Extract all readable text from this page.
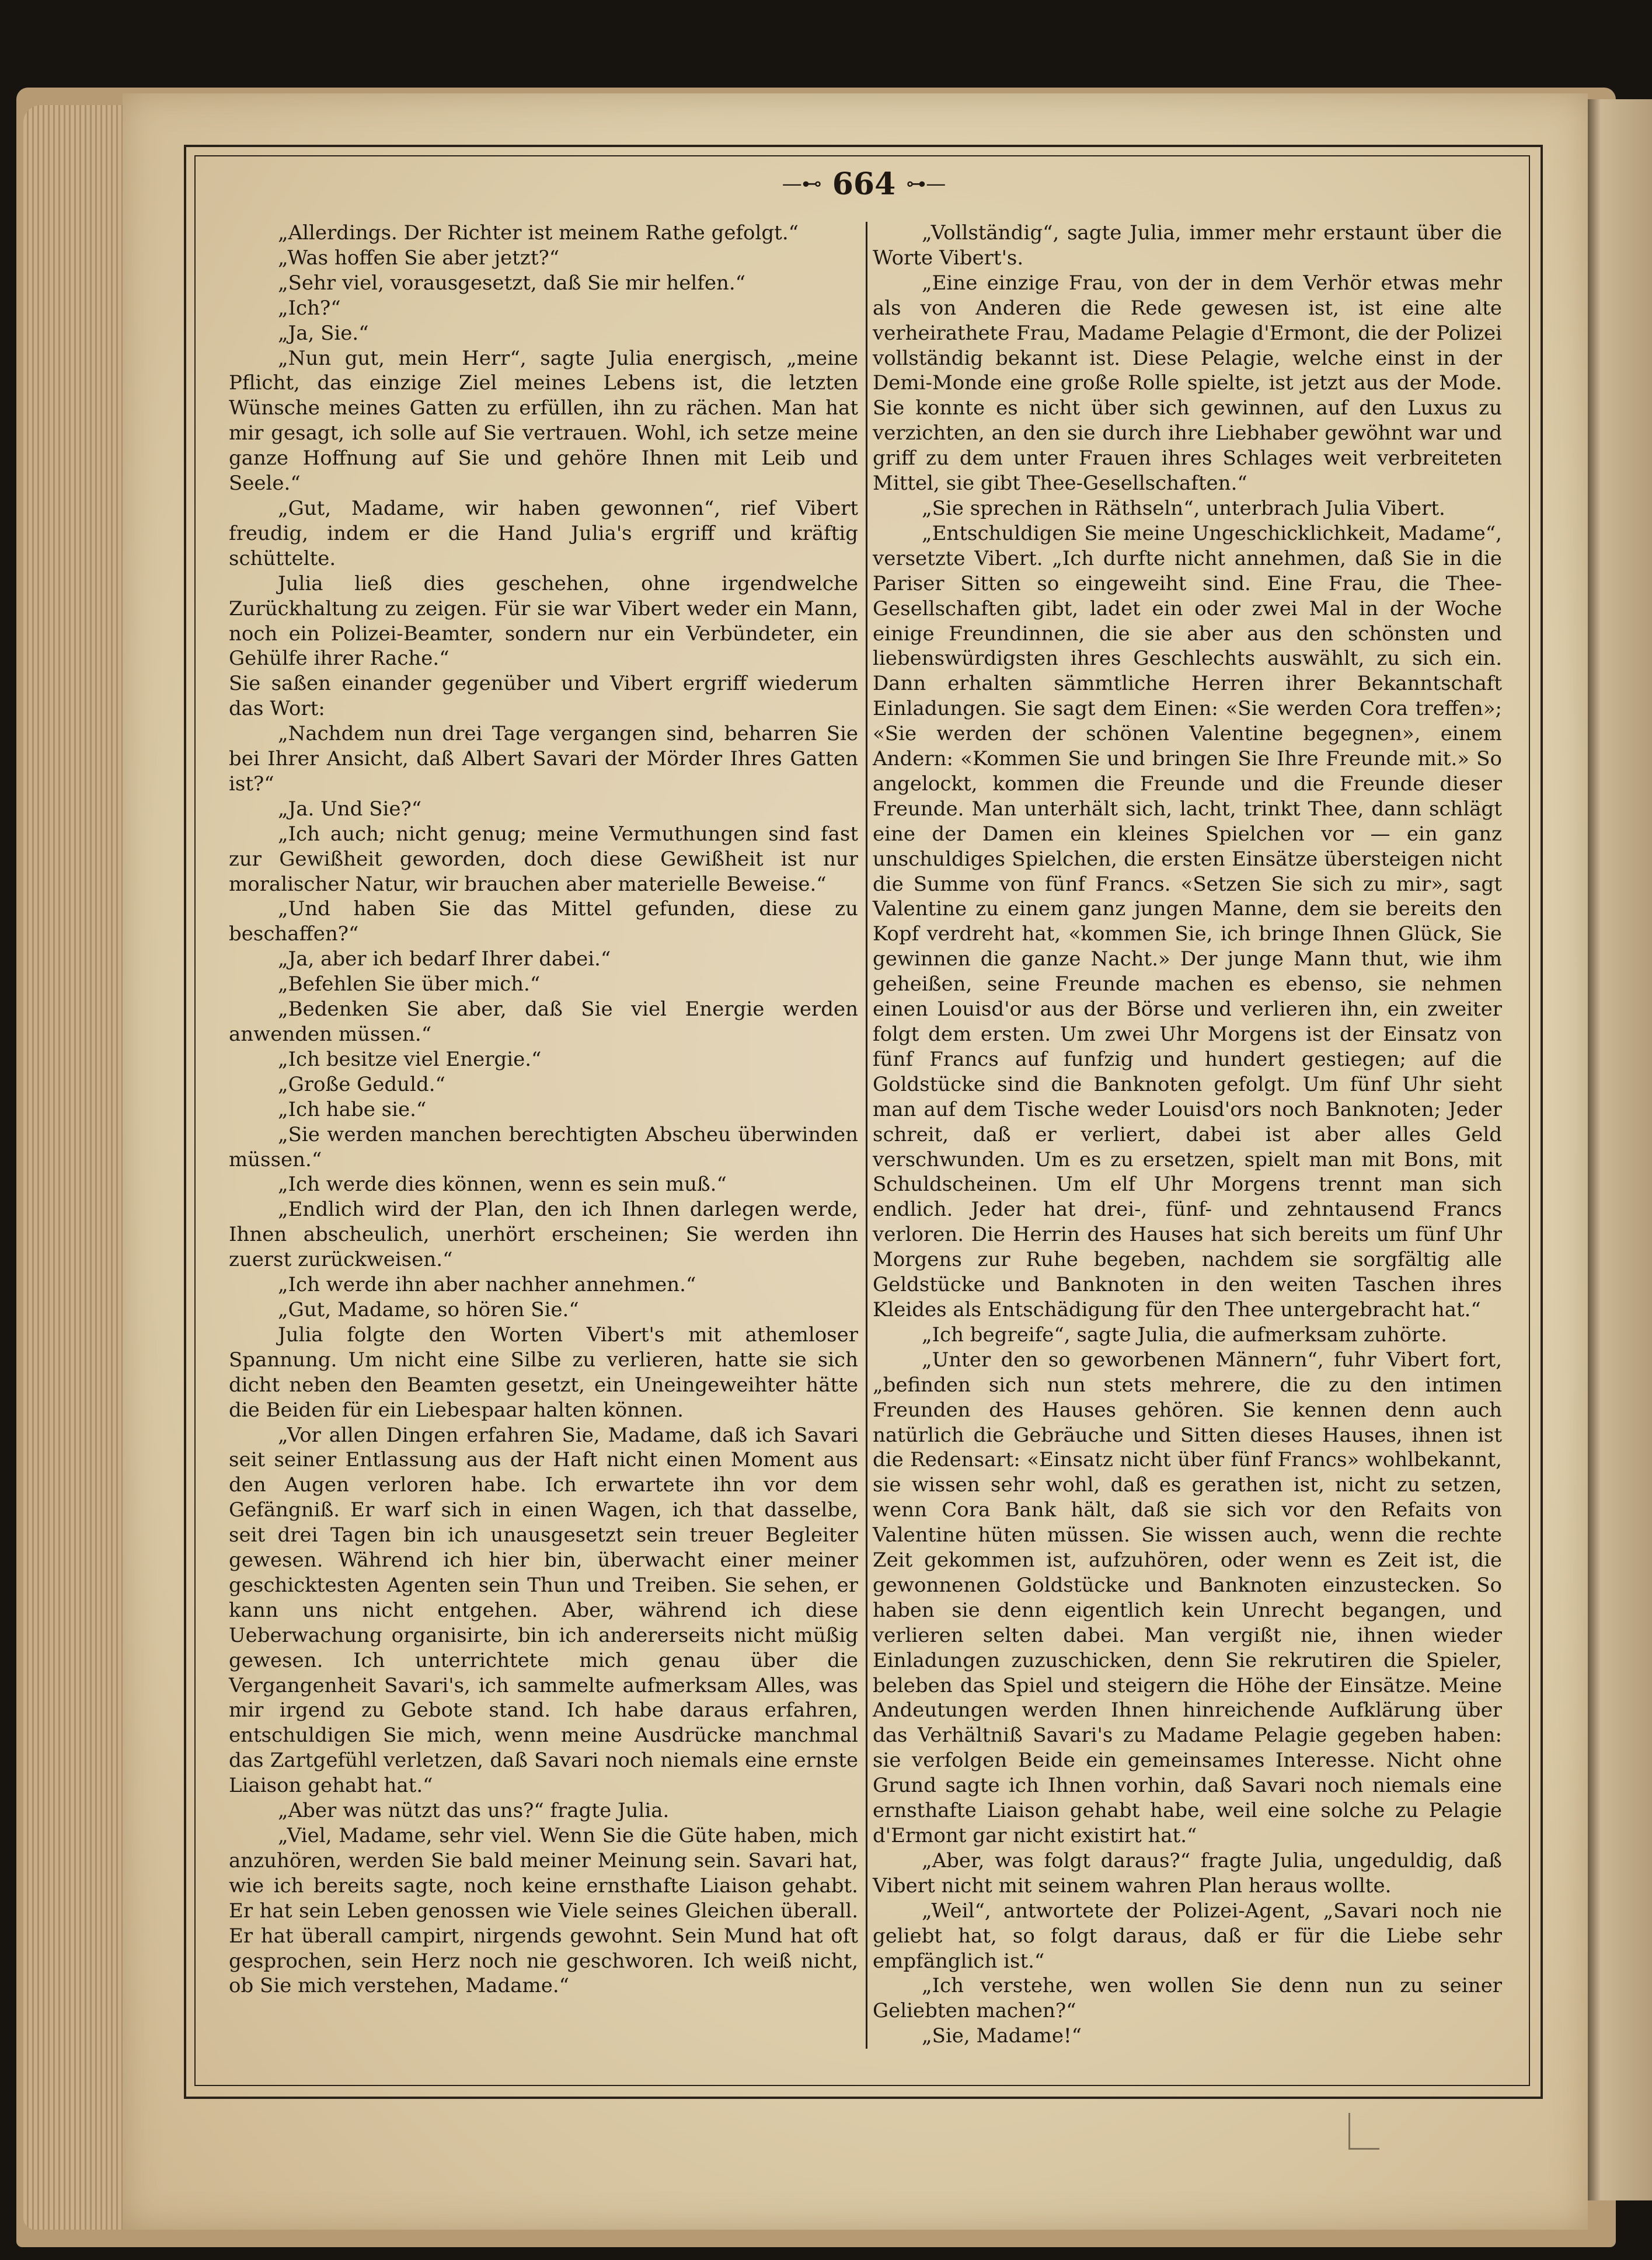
—⊷ 664 ⊶—

„Allerdings. Der Richter ist meinem Rathe gefolgt.“

„Was hoffen Sie aber jetzt?“

„Sehr viel, vorausgesetzt, daß Sie mir helfen.“

„Ich?“

„Ja, Sie.“

„Nun gut, mein Herr“, sagte Julia energisch, „meine Pflicht, das einzige Ziel meines Lebens ist, die letzten Wünsche meines Gatten zu erfüllen, ihn zu rächen. Man hat mir gesagt, ich solle auf Sie vertrauen. Wohl, ich setze meine ganze Hoffnung auf Sie und gehöre Ihnen mit Leib und Seele.“

„Gut, Madame, wir haben gewonnen“, rief Vibert freudig, indem er die Hand Julia's ergriff und kräftig schüttelte.

Julia ließ dies geschehen, ohne irgendwelche Zurückhaltung zu zeigen. Für sie war Vibert weder ein Mann, noch ein Polizei-Beamter, sondern nur ein Verbündeter, ein Gehülfe ihrer Rache.“

Sie saßen einander gegenüber und Vibert ergriff wiederum das Wort:

„Nachdem nun drei Tage vergangen sind, beharren Sie bei Ihrer Ansicht, daß Albert Savari der Mörder Ihres Gatten ist?“

„Ja. Und Sie?“

„Ich auch; nicht genug; meine Vermuthungen sind fast zur Gewißheit geworden, doch diese Gewißheit ist nur moralischer Natur, wir brauchen aber materielle Beweise.“

„Und haben Sie das Mittel gefunden, diese zu beschaffen?“

„Ja, aber ich bedarf Ihrer dabei.“

„Befehlen Sie über mich.“

„Bedenken Sie aber, daß Sie viel Energie werden anwenden müssen.“

„Ich besitze viel Energie.“

„Große Geduld.“

„Ich habe sie.“

„Sie werden manchen berechtigten Abscheu überwinden müssen.“

„Ich werde dies können, wenn es sein muß.“

„Endlich wird der Plan, den ich Ihnen darlegen werde, Ihnen abscheulich, unerhört erscheinen; Sie werden ihn zuerst zurückweisen.“

„Ich werde ihn aber nachher annehmen.“

„Gut, Madame, so hören Sie.“

Julia folgte den Worten Vibert's mit athemloser Spannung. Um nicht eine Silbe zu verlieren, hatte sie sich dicht neben den Beamten gesetzt, ein Uneingeweihter hätte die Beiden für ein Liebespaar halten können.

„Vor allen Dingen erfahren Sie, Madame, daß ich Savari seit seiner Entlassung aus der Haft nicht einen Moment aus den Augen verloren habe. Ich erwartete ihn vor dem Gefängniß. Er warf sich in einen Wagen, ich that dasselbe, seit drei Tagen bin ich unausgesetzt sein treuer Begleiter gewesen. Während ich hier bin, überwacht einer meiner geschicktesten Agenten sein Thun und Treiben. Sie sehen, er kann uns nicht entgehen. Aber, während ich diese Ueberwachung organisirte, bin ich andererseits nicht müßig gewesen. Ich unterrichtete mich genau über die Vergangenheit Savari's, ich sammelte aufmerksam Alles, was mir irgend zu Gebote stand. Ich habe daraus erfahren, entschuldigen Sie mich, wenn meine Ausdrücke manchmal das Zartgefühl verletzen, daß Savari noch niemals eine ernste Liaison gehabt hat.“

„Aber was nützt das uns?“ fragte Julia.

„Viel, Madame, sehr viel. Wenn Sie die Güte haben, mich anzuhören, werden Sie bald meiner Meinung sein. Savari hat, wie ich bereits sagte, noch keine ernsthafte Liaison gehabt. Er hat sein Leben genossen wie Viele seines Gleichen überall. Er hat überall campirt, nirgends gewohnt. Sein Mund hat oft gesprochen, sein Herz noch nie geschworen. Ich weiß nicht, ob Sie mich verstehen, Madame.“

„Vollständig“, sagte Julia, immer mehr erstaunt über die Worte Vibert's.

„Eine einzige Frau, von der in dem Verhör etwas mehr als von Anderen die Rede gewesen ist, ist eine alte verheirathete Frau, Madame Pelagie d'Ermont, die der Polizei vollständig bekannt ist. Diese Pelagie, welche einst in der Demi-Monde eine große Rolle spielte, ist jetzt aus der Mode. Sie konnte es nicht über sich gewinnen, auf den Luxus zu verzichten, an den sie durch ihre Liebhaber gewöhnt war und griff zu dem unter Frauen ihres Schlages weit verbreiteten Mittel, sie gibt Thee-Gesellschaften.“

„Sie sprechen in Räthseln“, unterbrach Julia Vibert.

„Entschuldigen Sie meine Ungeschicklichkeit, Madame“, versetzte Vibert. „Ich durfte nicht annehmen, daß Sie in die Pariser Sitten so eingeweiht sind. Eine Frau, die Thee-Gesellschaften gibt, ladet ein oder zwei Mal in der Woche einige Freundinnen, die sie aber aus den schönsten und liebenswürdigsten ihres Geschlechts auswählt, zu sich ein. Dann erhalten sämmtliche Herren ihrer Bekanntschaft Einladungen. Sie sagt dem Einen: «Sie werden Cora treffen»; «Sie werden der schönen Valentine begegnen», einem Andern: «Kommen Sie und bringen Sie Ihre Freunde mit.» So angelockt, kommen die Freunde und die Freunde dieser Freunde. Man unterhält sich, lacht, trinkt Thee, dann schlägt eine der Damen ein kleines Spielchen vor — ein ganz unschuldiges Spielchen, die ersten Einsätze übersteigen nicht die Summe von fünf Francs. «Setzen Sie sich zu mir», sagt Valentine zu einem ganz jungen Manne, dem sie bereits den Kopf verdreht hat, «kommen Sie, ich bringe Ihnen Glück, Sie gewinnen die ganze Nacht.» Der junge Mann thut, wie ihm geheißen, seine Freunde machen es ebenso, sie nehmen einen Louisd'or aus der Börse und verlieren ihn, ein zweiter folgt dem ersten. Um zwei Uhr Morgens ist der Einsatz von fünf Francs auf funfzig und hundert gestiegen; auf die Goldstücke sind die Banknoten gefolgt. Um fünf Uhr sieht man auf dem Tische weder Louisd'ors noch Banknoten; Jeder schreit, daß er verliert, dabei ist aber alles Geld verschwunden. Um es zu ersetzen, spielt man mit Bons, mit Schuldscheinen. Um elf Uhr Morgens trennt man sich endlich. Jeder hat drei-, fünf- und zehntausend Francs verloren. Die Herrin des Hauses hat sich bereits um fünf Uhr Morgens zur Ruhe begeben, nachdem sie sorgfältig alle Geldstücke und Banknoten in den weiten Taschen ihres Kleides als Entschädigung für den Thee untergebracht hat.“

„Ich begreife“, sagte Julia, die aufmerksam zuhörte.

„Unter den so geworbenen Männern“, fuhr Vibert fort, „befinden sich nun stets mehrere, die zu den intimen Freunden des Hauses gehören. Sie kennen denn auch natürlich die Gebräuche und Sitten dieses Hauses, ihnen ist die Redensart: «Einsatz nicht über fünf Francs» wohlbekannt, sie wissen sehr wohl, daß es gerathen ist, nicht zu setzen, wenn Cora Bank hält, daß sie sich vor den Refaits von Valentine hüten müssen. Sie wissen auch, wenn die rechte Zeit gekommen ist, aufzuhören, oder wenn es Zeit ist, die gewonnenen Goldstücke und Banknoten einzustecken. So haben sie denn eigentlich kein Unrecht begangen, und verlieren selten dabei. Man vergißt nie, ihnen wieder Einladungen zuzuschicken, denn Sie rekrutiren die Spieler, beleben das Spiel und steigern die Höhe der Einsätze. Meine Andeutungen werden Ihnen hinreichende Aufklärung über das Verhältniß Savari's zu Madame Pelagie gegeben haben: sie verfolgen Beide ein gemeinsames Interesse. Nicht ohne Grund sagte ich Ihnen vorhin, daß Savari noch niemals eine ernsthafte Liaison gehabt habe, weil eine solche zu Pelagie d'Ermont gar nicht existirt hat.“

„Aber, was folgt daraus?“ fragte Julia, ungeduldig, daß Vibert nicht mit seinem wahren Plan heraus wollte.

„Weil“, antwortete der Polizei-Agent, „Savari noch nie geliebt hat, so folgt daraus, daß er für die Liebe sehr empfänglich ist.“

„Ich verstehe, wen wollen Sie denn nun zu seiner Geliebten machen?“

„Sie, Madame!“
